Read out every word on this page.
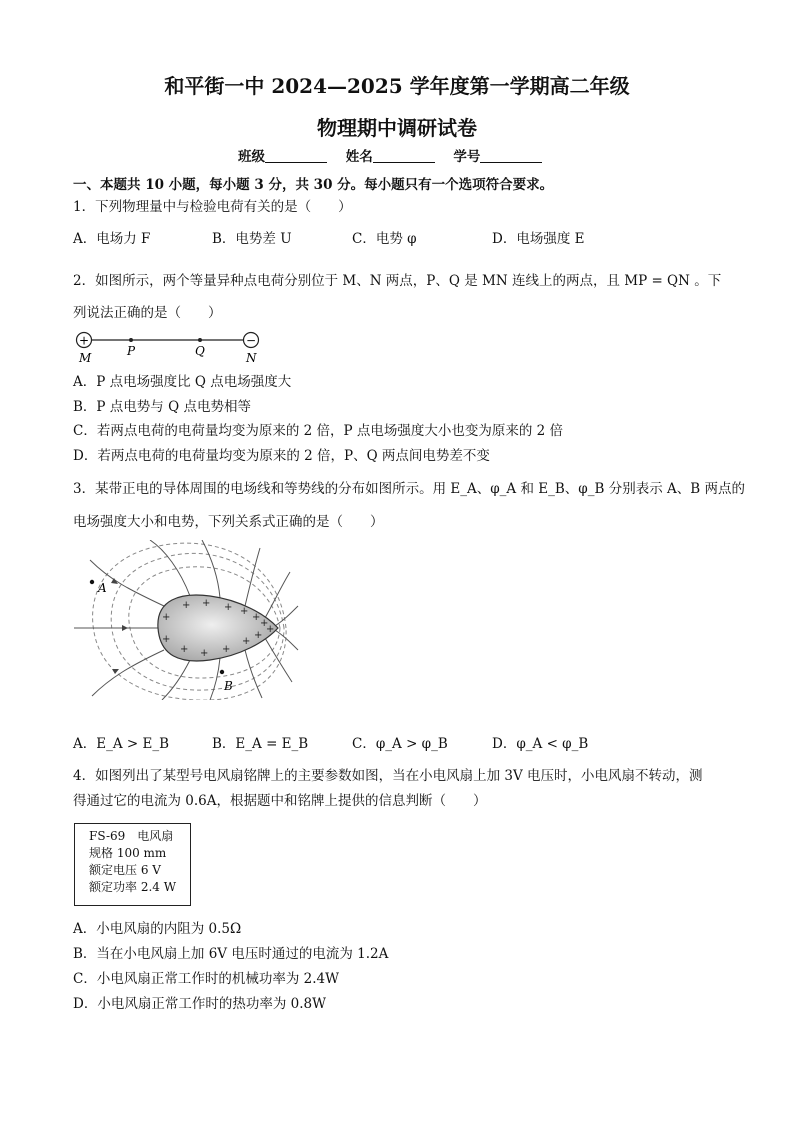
和平街一中 2024—2025 学年度第一学期高二年级
物理期中调研试卷
班级	姓名	学号
一、本题共 10 小题，每小题 3 分，共 30 分。每小题只有一个选项符合要求。
1．下列物理量中与检验电荷有关的是（　　）
A．电场力 F	B．电势差 U	C．电势 φ	D．电场强度 E
2．如图所示，两个等量异种点电荷分别位于 M、N 两点，P、Q 是 MN 连线上的两点，且 MP = QN 。下
列说法正确的是（　　）
+	−
M	P	Q	N
A．P 点电场强度比 Q 点电场强度大
B．P 点电势与 Q 点电势相等
C．若两点电荷的电荷量均变为原来的 2 倍，P 点电场强度大小也变为原来的 2 倍
D．若两点电荷的电荷量均变为原来的 2 倍，P、Q 两点间电势差不变
3．某带正电的导体周围的电场线和等势线的分布如图所示。用 E_A、φ_A 和 E_B、φ_B 分别表示 A、B 两点的
电场强度大小和电势，下列关系式正确的是（　　）
+
+
+ + + +
+
+
+
+
+
+
+
+
A
B
A．E_A > E_B	B．E_A = E_B	C．φ_A > φ_B	D．φ_A < φ_B
4．如图列出了某型号电风扇铭牌上的主要参数如图，当在小电风扇上加 3V 电压时，小电风扇不转动，测
得通过它的电流为 0.6A，根据题中和铭牌上提供的信息判断（　　）
FS-69　电风扇
规格 100 mm
额定电压 6 V
额定功率 2.4 W
A．小电风扇的内阻为 0.5Ω
B．当在小电风扇上加 6V 电压时通过的电流为 1.2A
C．小电风扇正常工作时的机械功率为 2.4W
D．小电风扇正常工作时的热功率为 0.8W
